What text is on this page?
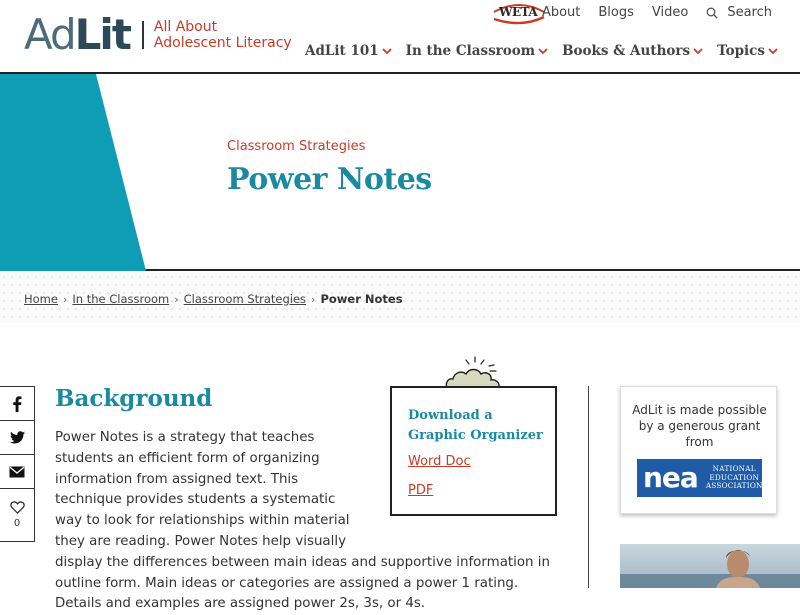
AdLit All About
Adolescent Literacy
WETA About Blogs Video	Search
AdLit 101 In the Classroom Books & Authors Topics
Classroom Strategies
Power Notes
Home › In the Classroom › Classroom Strategies › Power Notes
0
Background
Power Notes is a strategy that teaches students an efficient form of organizing information from assigned text. This technique provides students a systematic way to look for relationships within material they are reading. Power Notes help visually
display the differences between main ideas and supportive information in outline form. Main ideas or categories are assigned a power 1 rating. Details and examples are assigned power 2s, 3s, or 4s.
Download a
Graphic Organizer
Word Doc
PDF
AdLit is made possible by a generous grant from
nea	NATIONAL
EDUCATION
ASSOCIATION
